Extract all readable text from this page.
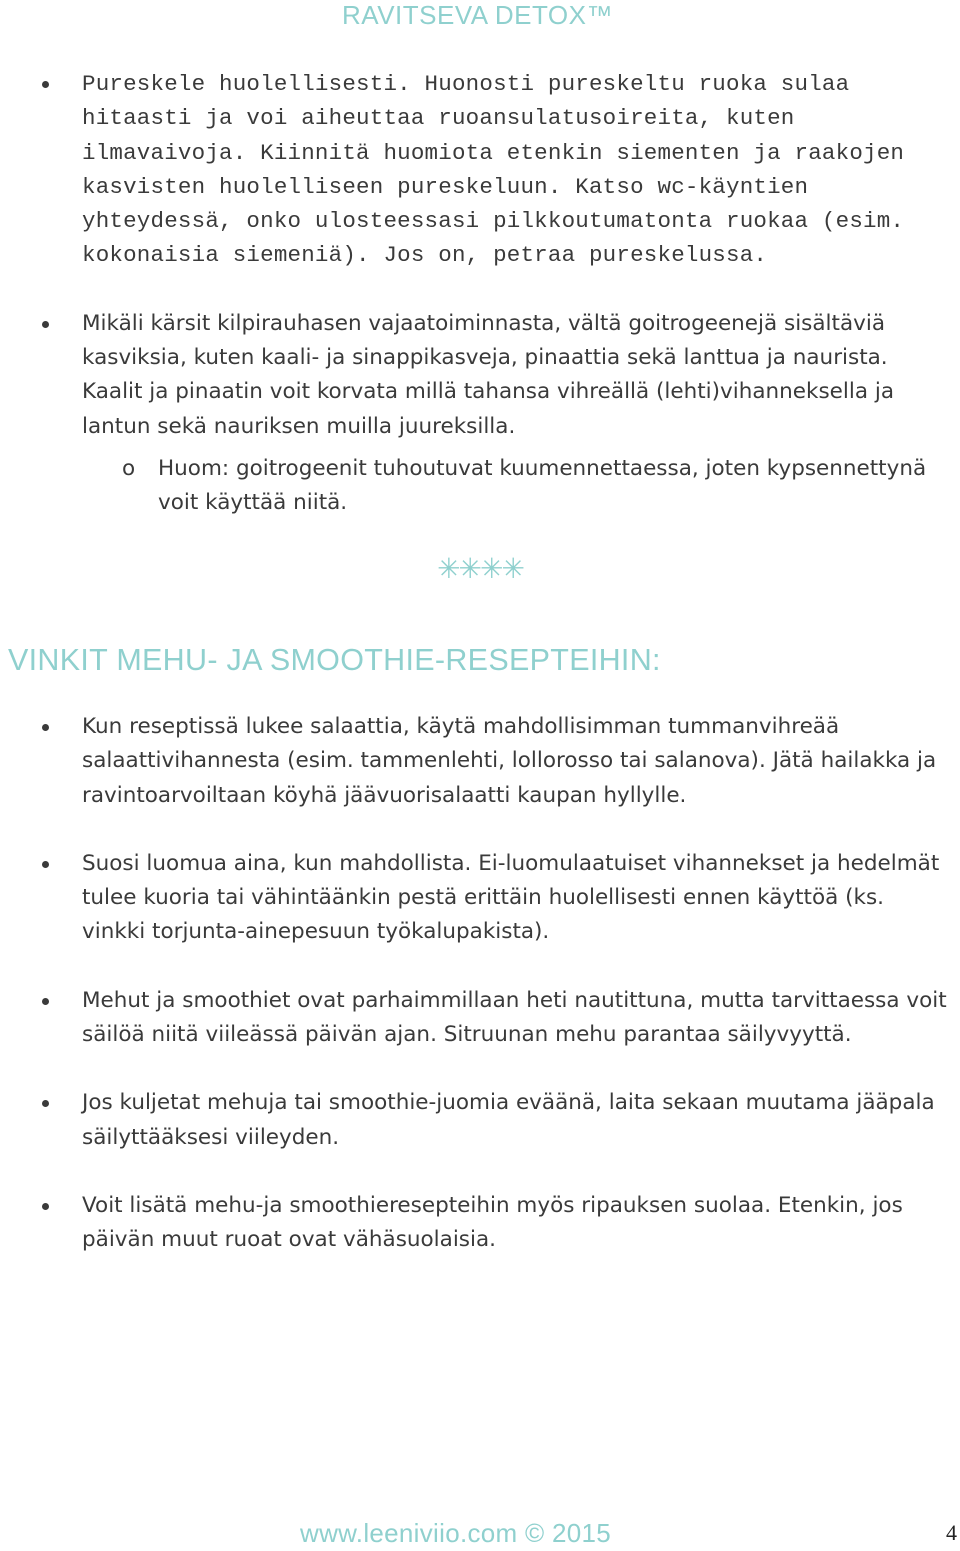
RAVITSEVA DETOX™
Pureskele huolellisesti. Huonosti pureskeltu ruoka sulaa hitaasti ja voi aiheuttaa ruoansulatusoireita, kuten ilmavaivoja. Kiinnitä huomiota etenkin siementen ja raakojen kasvisten huolelliseen pureskeluun. Katso wc-käyntien yhteydessä, onko ulosteessasi pilkkoutumatonta ruokaa (esim. kokonaisia siemeniä). Jos on, petraa pureskelussa.
Mikäli kärsit kilpirauhasen vajaatoiminnasta, vältä goitrogeenejä sisältäviä kasviksia, kuten kaali- ja sinappikasveja, pinaattia sekä lanttua ja naurista. Kaalit ja pinaatin voit korvata millä tahansa vihreällä (lehti)vihanneksella ja lantun sekä nauriksen muilla juureksilla.
o Huom: goitrogeenit tuhoutuvat kuumennettaessa, joten kypsennettynä voit käyttää niitä.
✳✳✳✳
VINKIT MEHU- JA SMOOTHIE-RESEPTEIHIN:
Kun reseptissä lukee salaattia, käytä mahdollisimman tummanvihreää salaattivihannesta (esim. tammenlehti, lollorosso tai salanova). Jätä hailakka ja ravintoarvoiltaan köyhä jäävuorisalaatti kaupan hyllylle.
Suosi luomua aina, kun mahdollista. Ei-luomulaatuiset vihannekset ja hedelmät tulee kuoria tai vähintäänkin pestä erittäin huolellisesti ennen käyttöä (ks. vinkki torjunta-ainepesuun työkalupakista).
Mehut ja smoothiet ovat parhaimmillaan heti nautittuna, mutta tarvittaessa voit säilöä niitä viileässä päivän ajan. Sitruunan mehu parantaa säilyvyyttä.
Jos kuljetat mehuja tai smoothie-juomia eväänä, laita sekaan muutama jääpala säilyttääksesi viileyden.
Voit lisätä mehu-ja smoothieresepteihin myös ripauksen suolaa. Etenkin, jos päivän muut ruoat ovat vähäsuolaisia.
www.leeniviio.com © 2015	4
